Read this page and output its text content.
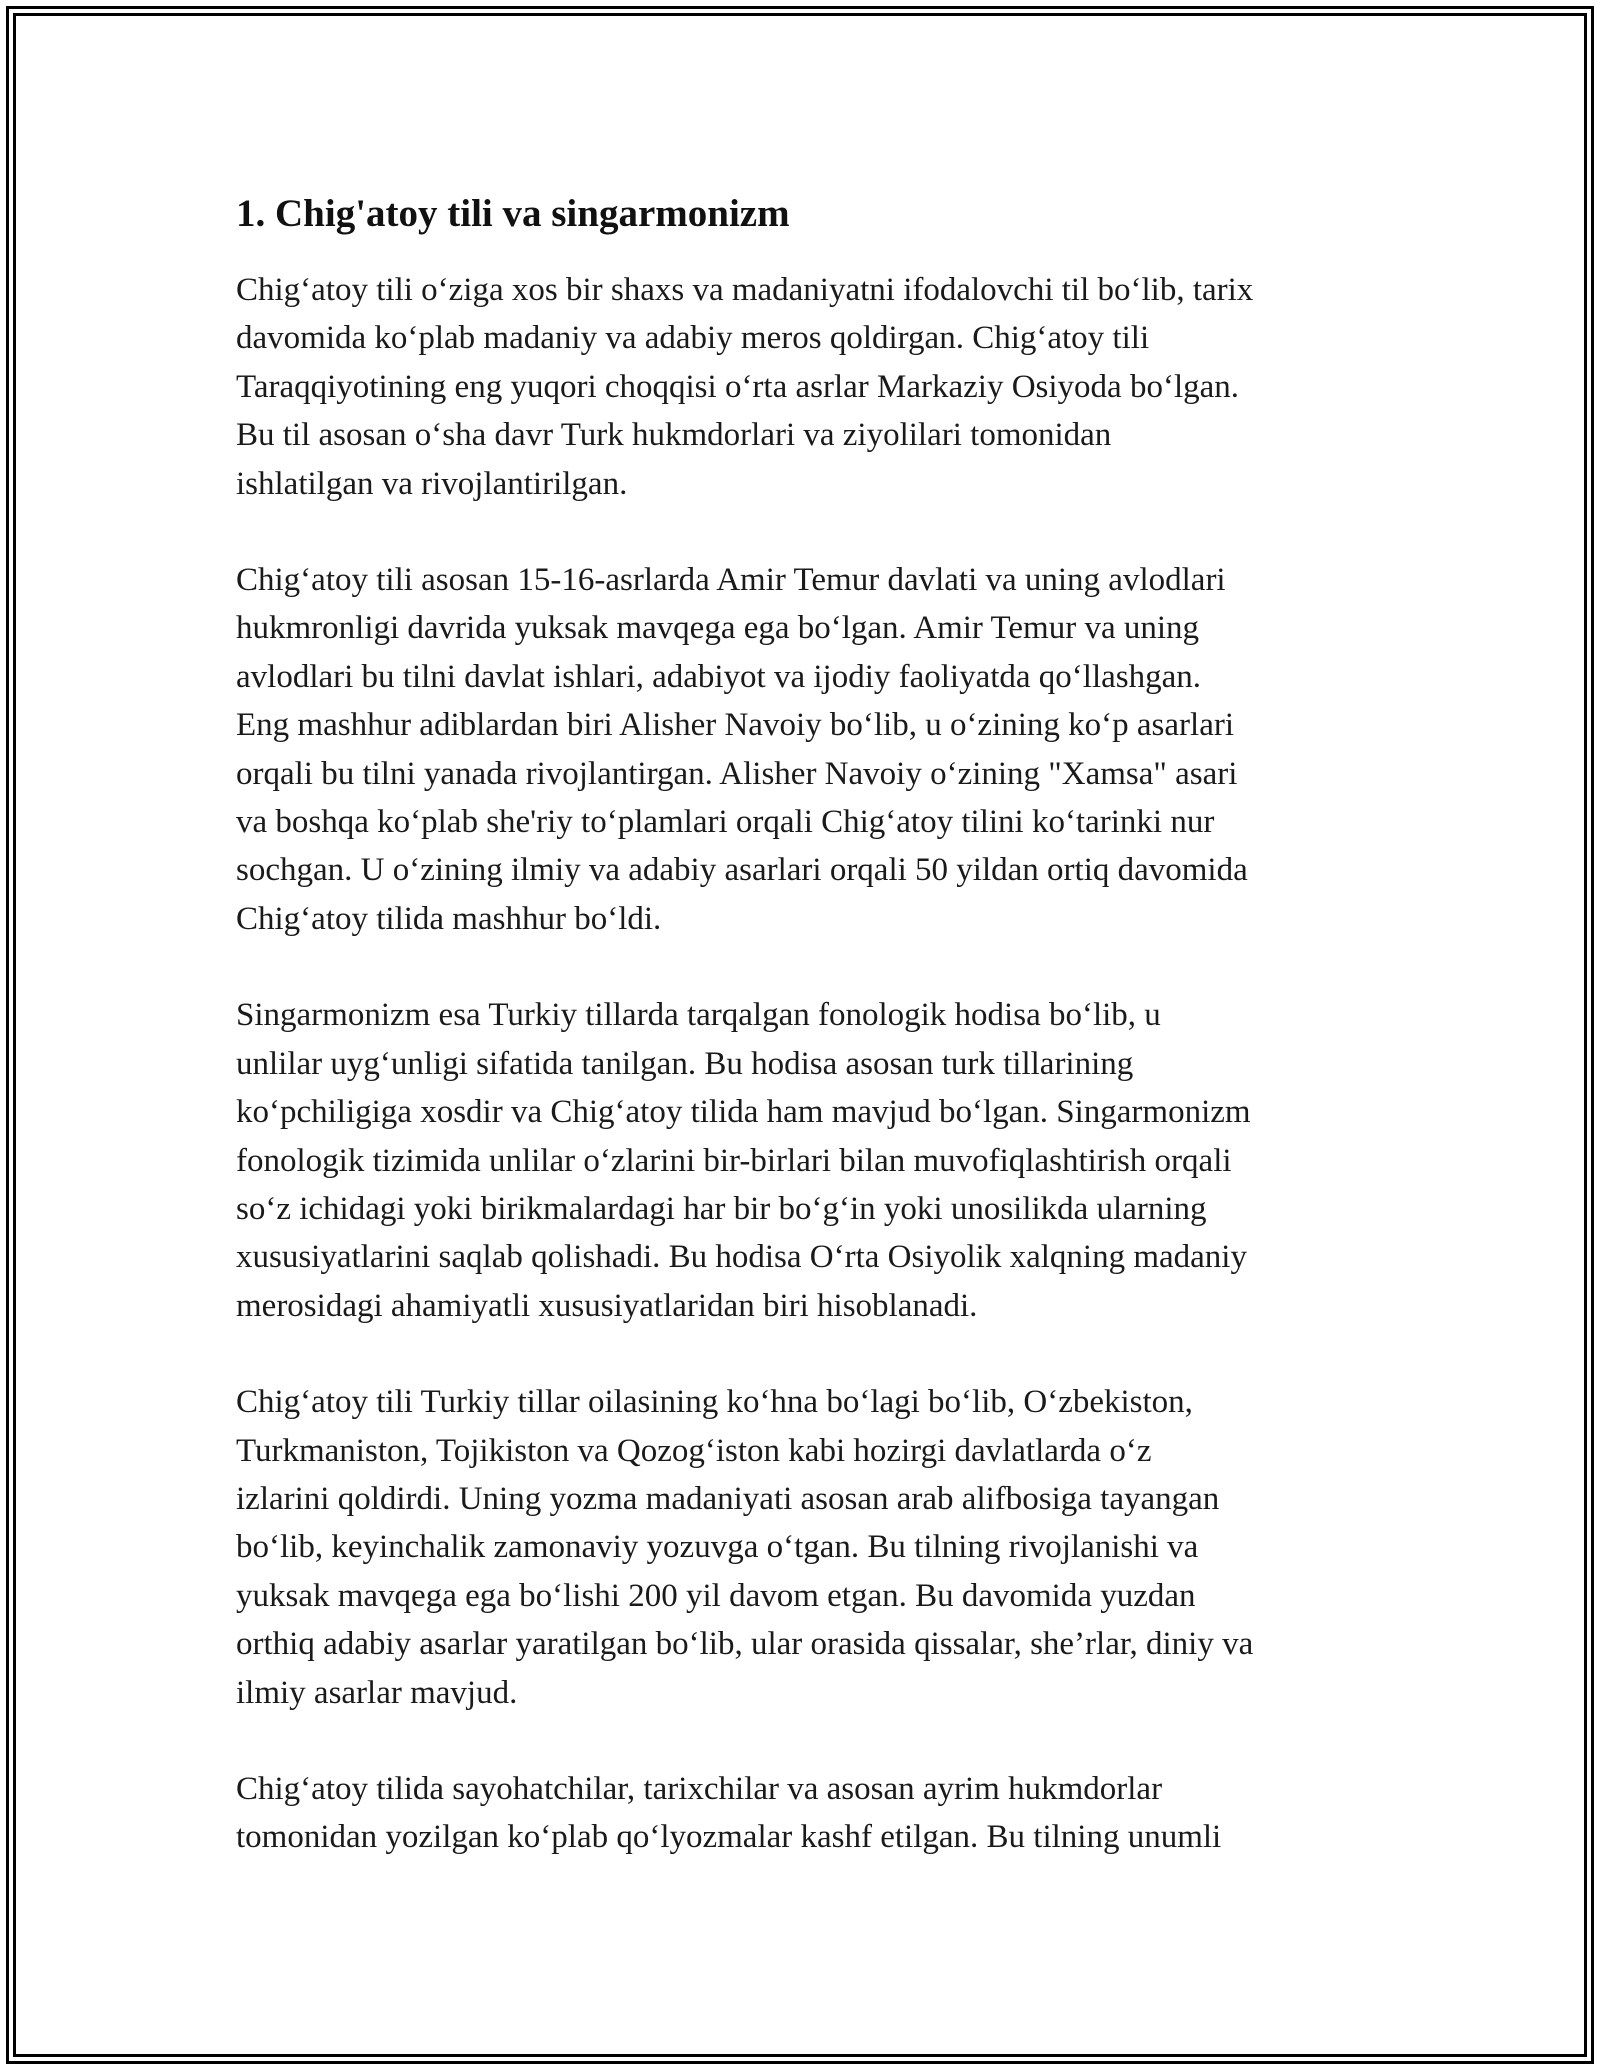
1. Chig'atoy tili va singarmonizm

Chig‘atoy tili o‘ziga xos bir shaxs va madaniyatni ifodalovchi til bo‘lib, tarix
davomida ko‘plab madaniy va adabiy meros qoldirgan. Chig‘atoy tili
Taraqqiyotining eng yuqori choqqisi o‘rta asrlar Markaziy Osiyoda bo‘lgan.
Bu til asosan o‘sha davr Turk hukmdorlari va ziyolilari tomonidan
ishlatilgan va rivojlantirilgan.

Chig‘atoy tili asosan 15-16-asrlarda Amir Temur davlati va uning avlodlari
hukmronligi davrida yuksak mavqega ega bo‘lgan. Amir Temur va uning
avlodlari bu tilni davlat ishlari, adabiyot va ijodiy faoliyatda qo‘llashgan.
Eng mashhur adiblardan biri Alisher Navoiy bo‘lib, u o‘zining ko‘p asarlari
orqali bu tilni yanada rivojlantirgan. Alisher Navoiy o‘zining "Xamsa" asari
va boshqa ko‘plab she'riy to‘plamlari orqali Chig‘atoy tilini ko‘tarinki nur
sochgan. U o‘zining ilmiy va adabiy asarlari orqali 50 yildan ortiq davomida
Chig‘atoy tilida mashhur bo‘ldi.

Singarmonizm esa Turkiy tillarda tarqalgan fonologik hodisa bo‘lib, u
unlilar uyg‘unligi sifatida tanilgan. Bu hodisa asosan turk tillarining
ko‘pchiligiga xosdir va Chig‘atoy tilida ham mavjud bo‘lgan. Singarmonizm
fonologik tizimida unlilar o‘zlarini bir-birlari bilan muvofiqlashtirish orqali
so‘z ichidagi yoki birikmalardagi har bir bo‘g‘in yoki unosilikda ularning
xususiyatlarini saqlab qolishadi. Bu hodisa O‘rta Osiyolik xalqning madaniy
merosidagi ahamiyatli xususiyatlaridan biri hisoblanadi.

Chig‘atoy tili Turkiy tillar oilasining ko‘hna bo‘lagi bo‘lib, O‘zbekiston,
Turkmaniston, Tojikiston va Qozog‘iston kabi hozirgi davlatlarda o‘z
izlarini qoldirdi. Uning yozma madaniyati asosan arab alifbosiga tayangan
bo‘lib, keyinchalik zamonaviy yozuvga o‘tgan. Bu tilning rivojlanishi va
yuksak mavqega ega bo‘lishi 200 yil davom etgan. Bu davomida yuzdan
orthiq adabiy asarlar yaratilgan bo‘lib, ular orasida qissalar, she’rlar, diniy va
ilmiy asarlar mavjud.

Chig‘atoy tilida sayohatchilar, tarixchilar va asosan ayrim hukmdorlar
tomonidan yozilgan ko‘plab qo‘lyozmalar kashf etilgan. Bu tilning unumli
